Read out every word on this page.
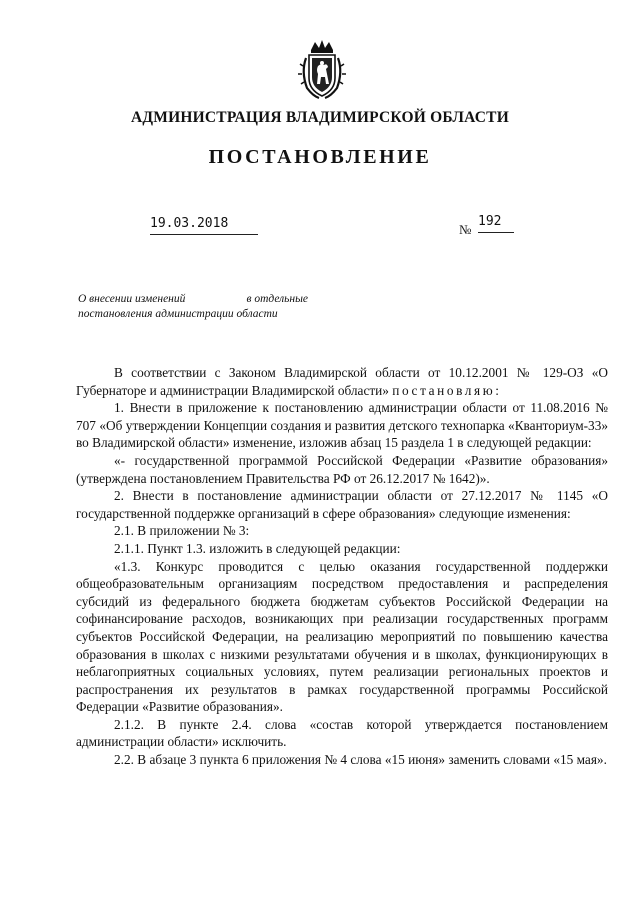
АДМИНИСТРАЦИЯ ВЛАДИМИРСКОЙ ОБЛАСТИ
ПОСТАНОВЛЕНИЕ
19.03.2018	№
192
О внесении изменений	в отдельные
постановления администрации области

В соответствии с Законом Владимирской области от 10.12.2001 № 129-ОЗ «О Губернаторе и администрации Владимирской области» постановляю:

1. Внести в приложение к постановлению администрации области от 11.08.2016 № 707 «Об утверждении Концепции создания и развития детского технопарка «Кванториум-33» во Владимирской области» изменение, изложив абзац 15 раздела 1 в следующей редакции:

«- государственной программой Российской Федерации «Развитие образования» (утверждена постановлением Правительства РФ от 26.12.2017 № 1642)».

2. Внести в постановление администрации области от 27.12.2017 № 1145 «О государственной поддержке организаций в сфере образования» следующие изменения:

2.1. В приложении № 3:

2.1.1. Пункт 1.3. изложить в следующей редакции:

«1.3. Конкурс проводится с целью оказания государственной поддержки общеобразовательным организациям посредством предоставления и распределения субсидий из федерального бюджета бюджетам субъектов Российской Федерации на софинансирование расходов, возникающих при реализации государственных программ субъектов Российской Федерации, на реализацию мероприятий по повышению качества образования в школах с низкими результатами обучения и в школах, функционирующих в неблагоприятных социальных условиях, путем реализации региональных проектов и распространения их результатов в рамках государственной программы Российской Федерации «Развитие образования».

2.1.2. В пункте 2.4. слова «состав которой утверждается постановлением администрации области» исключить.

2.2. В абзаце 3 пункта 6 приложения № 4 слова «15 июня» заменить словами «15 мая».
